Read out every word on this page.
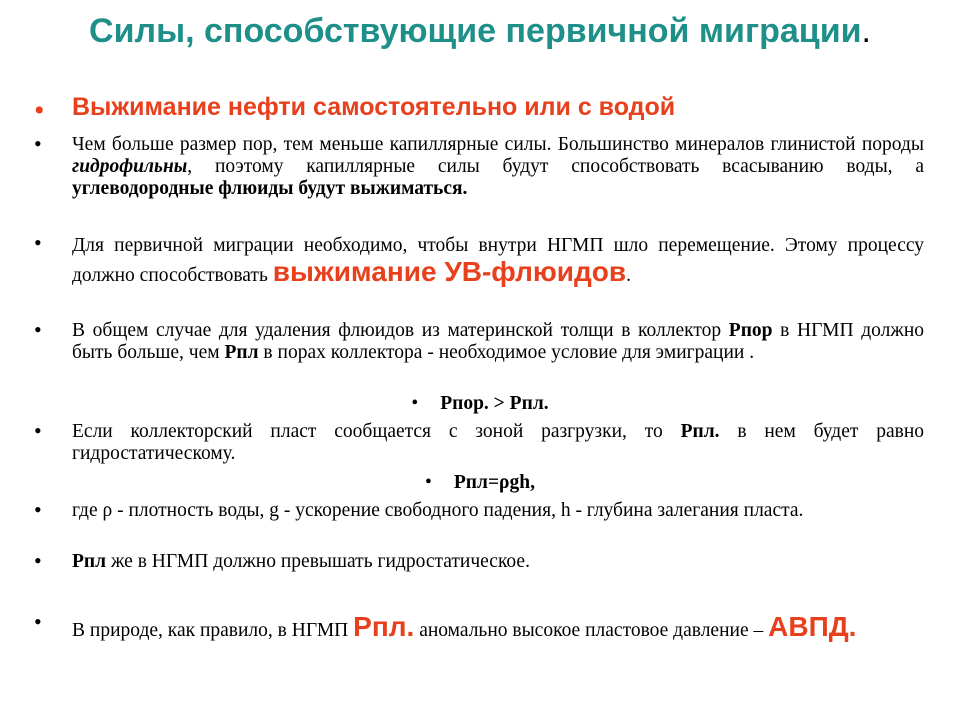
Силы, способствующие первичной миграции.
•	Выжимание нефти самостоятельно или с водой
•	Чем больше размер пор, тем меньше капиллярные силы. Большинство минералов глинистой породы гидрофильны, поэтому капиллярные силы будут способствовать всасыванию воды, а углеводородные флюиды будут выжиматься.
•	Для первичной миграции необходимо, чтобы внутри НГМП шло перемещение. Этому процессу должно способствовать выжимание УВ-флюидов.
•	В общем случае для удаления флюидов из материнской толщи в коллектор Рпор в НГМП должно быть больше, чем Рпл в порах коллектора - необходимое условие для эмиграции .
• Рпор. > Рпл.
•	Если коллекторский пласт сообщается с зоной разгрузки, то Рпл. в нем будет равно гидростатическому.
• Рпл=ρgh,
•	где ρ - плотность воды, g - ускорение свободного падения, h - глубина залегания пласта.
•	Рпл же в НГМП должно превышать гидростатическое.
•	В природе, как правило, в НГМП Рпл. аномально высокое пластовое давление – АВПД.
